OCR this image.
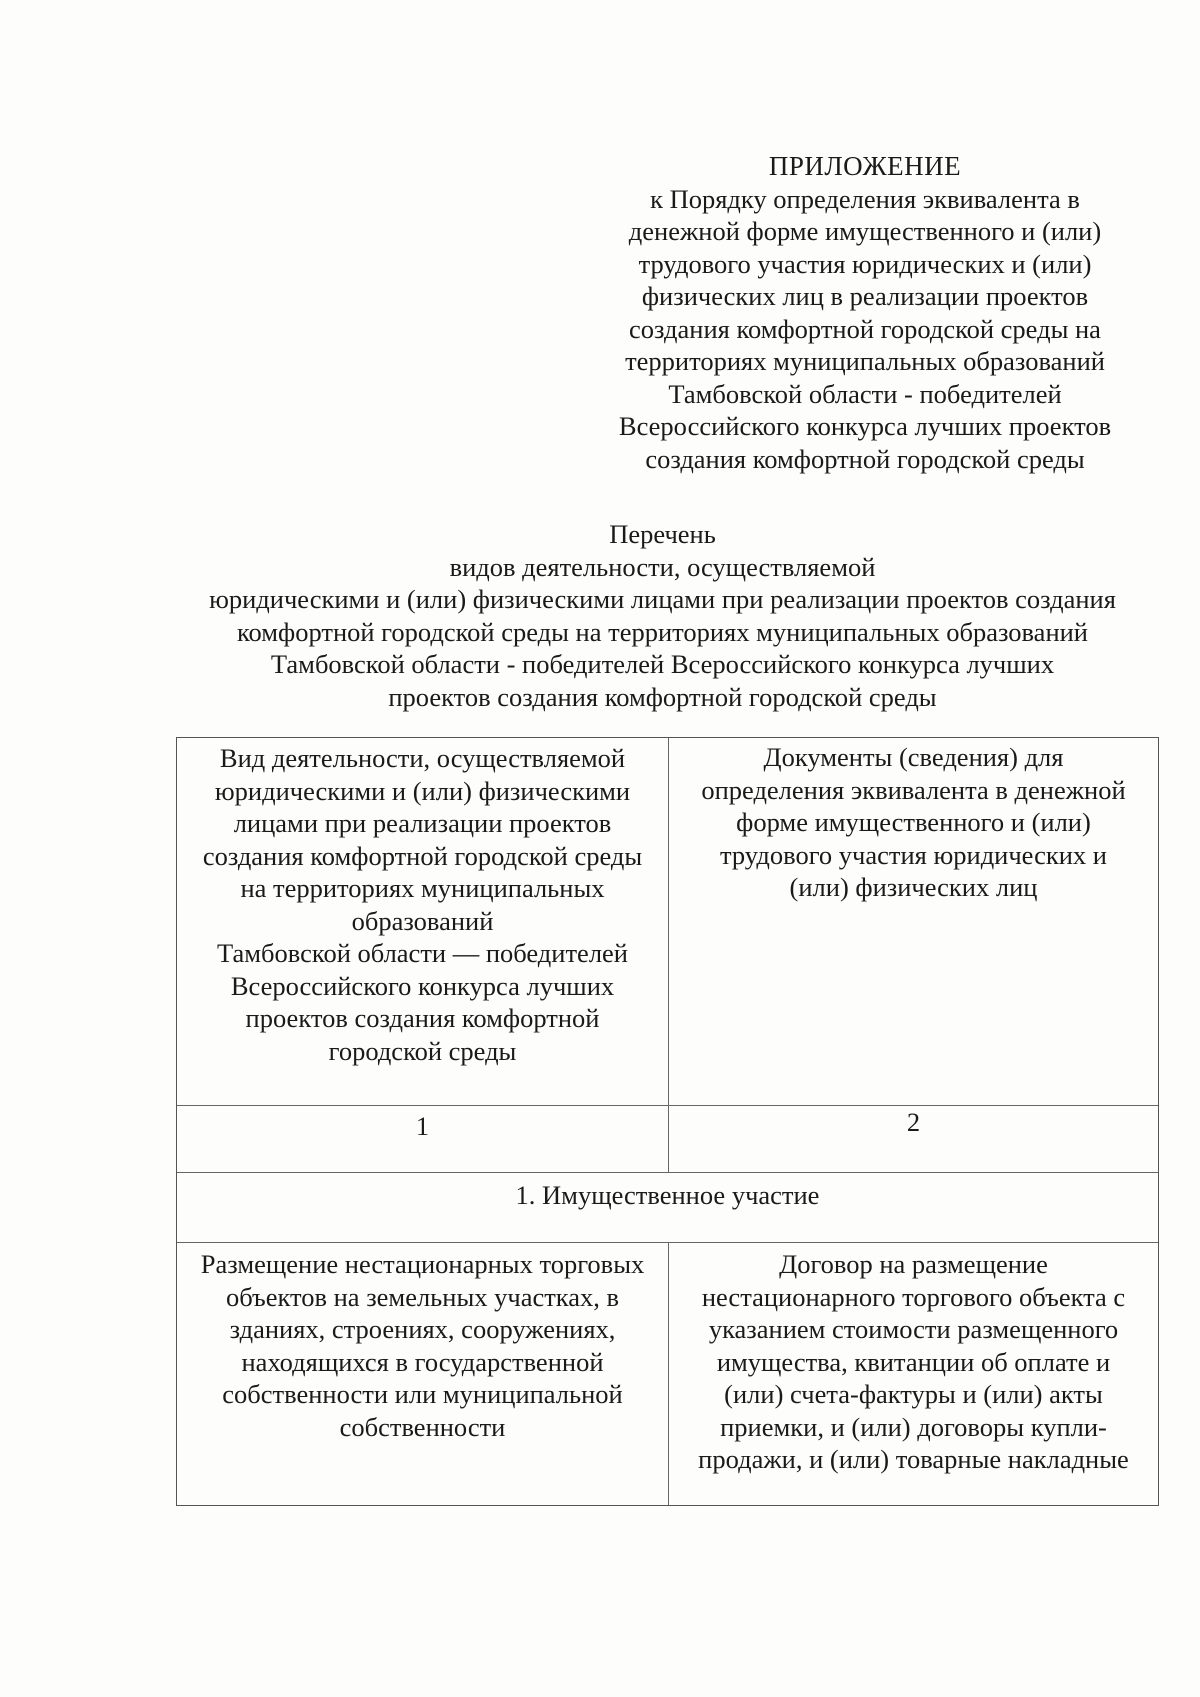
ПРИЛОЖЕНИЕ
к Порядку определения эквивалента в
денежной форме имущественного и (или)
трудового участия юридических и (или)
физических лиц в реализации проектов
создания комфортной городской среды на
территориях муниципальных образований
Тамбовской области - победителей
Всероссийского конкурса лучших проектов
создания комфортной городской среды
Перечень
видов деятельности, осуществляемой
юридическими и (или) физическими лицами при реализации проектов создания
комфортной городской среды на территориях муниципальных образований
Тамбовской области - победителей Всероссийского конкурса лучших
проектов создания комфортной городской среды
Вид деятельности, осуществляемой
юридическими и (или) физическими
лицами при реализации проектов
создания комфортной городской среды
на территориях муниципальных
образований
Тамбовской области — победителей
Всероссийского конкурса лучших
проектов создания комфортной
городской среды
Документы (сведения) для
определения эквивалента в денежной
форме имущественного и (или)
трудового участия юридических и
(или) физических лиц
1	2
1. Имущественное участие
Размещение нестационарных торговых
объектов на земельных участках, в
зданиях, строениях, сооружениях,
находящихся в государственной
собственности или муниципальной
собственности
Договор на размещение
нестационарного торгового объекта с
указанием стоимости размещенного
имущества, квитанции об оплате и
(или) счета-фактуры и (или) акты
приемки, и (или) договоры купли-
продажи, и (или) товарные накладные
